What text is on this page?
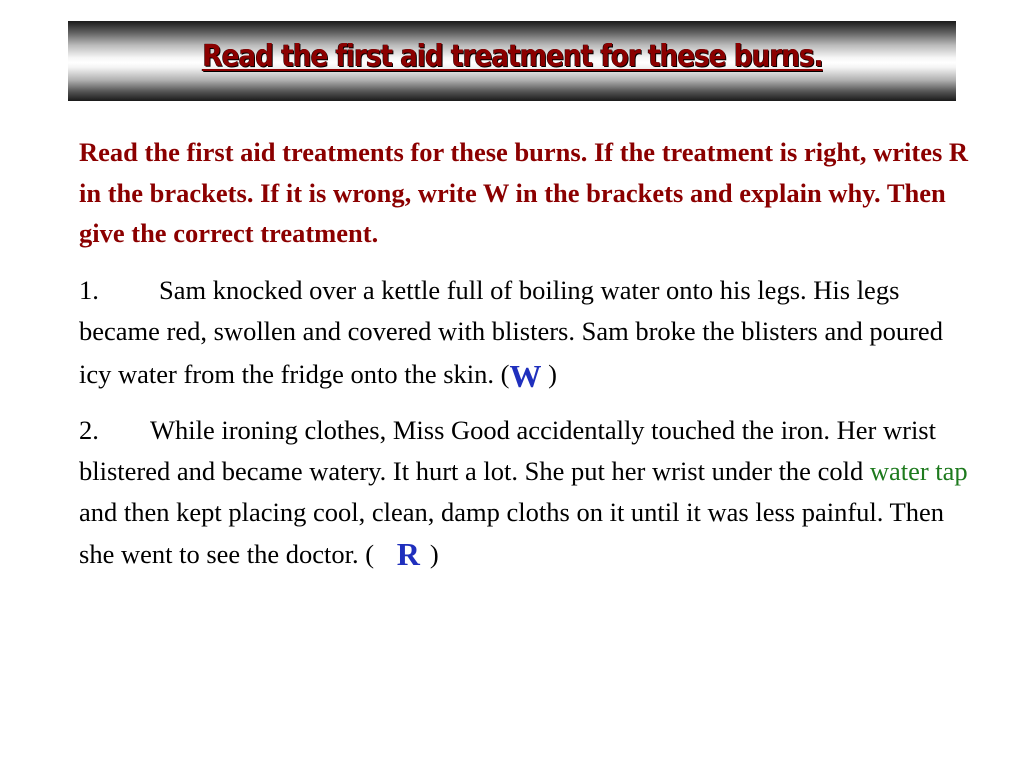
Read the first aid treatment for these burns.

Read the first aid treatments for these burns. If the treatment is right, writes R in the brackets. If it is wrong, write W in the brackets and explain why. Then give the correct treatment.

1. Sam knocked over a kettle full of boiling water onto his legs. His legs became red, swollen and covered with blisters. Sam broke the blisters and poured icy water from the fridge onto the skin. (W )

2. While ironing clothes, Miss Good accidentally touched the iron. Her wrist blistered and became watery. It hurt a lot. She put her wrist under the cold water tap and then kept placing cool, clean, damp cloths on it until it was less painful. Then she went to see the doctor. ( R )
